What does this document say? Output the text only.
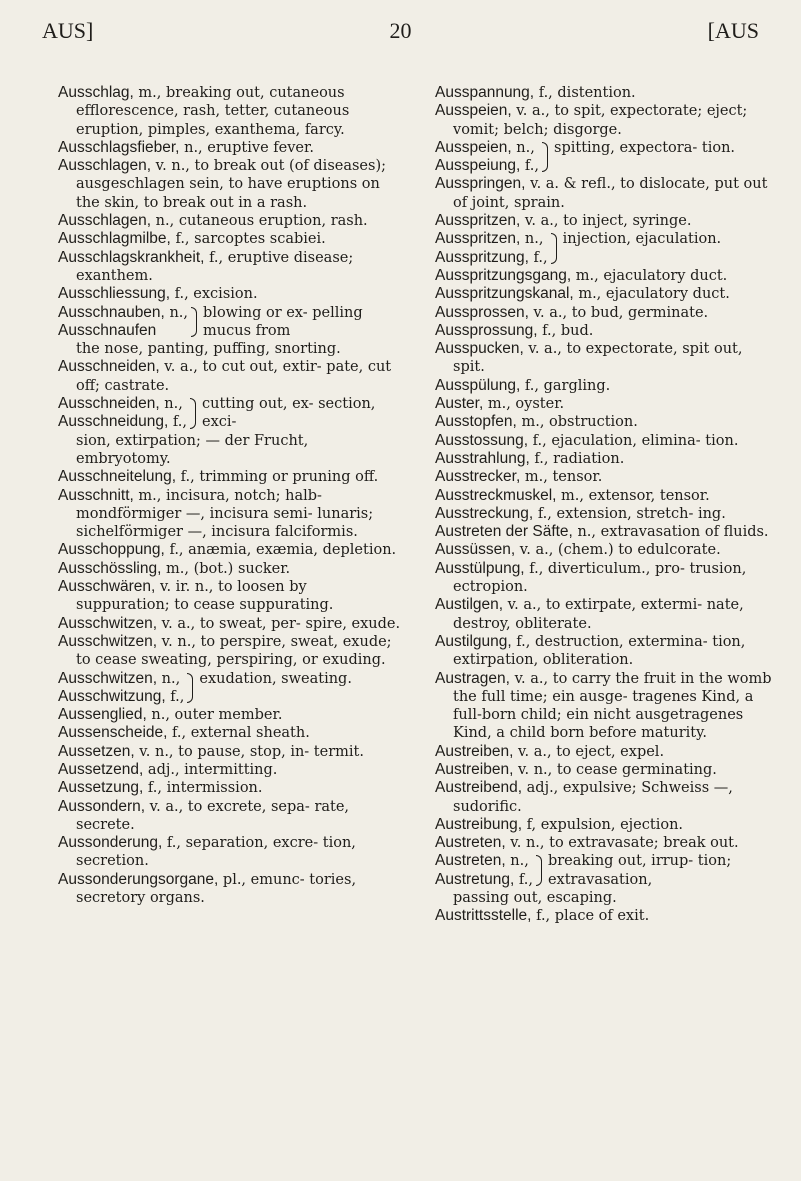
AUS]	20	[AUS

Ausschlag, m., breaking out, cutaneous efflorescence, rash, tetter, cutaneous eruption, pimples, exanthema, farcy.

Ausschlagsfieber, n., eruptive fever.

Ausschlagen, v. n., to break out (of diseases); ausgeschlagen sein, to have eruptions on the skin, to break out in a rash.

Ausschlagen, n., cutaneous eruption, rash.

Ausschlagmilbe, f., sarcoptes scabiei.

Ausschlagskrankheit, f., eruptive disease; exanthem.

Ausschliessung, f., excision.

Ausschnauben, n.,
Ausschnaufen
blowing or ex- pelling mucus from
the nose, panting, puffing, snorting.

Ausschneiden, v. a., to cut out, extir- pate, cut off; castrate.

Ausschneiden, n.,
Ausschneidung, f.,
cutting out, ex- section, exci-
sion, extirpation; — der Frucht, embryotomy.

Ausschneitelung, f., trimming or pruning off.

Ausschnitt, m., incisura, notch; halb- mondförmiger —, incisura semi- lunaris; sichelförmiger —, incisura falciformis.

Ausschoppung, f., anæmia, exæmia, depletion.

Ausschössling, m., (bot.) sucker.

Ausschwären, v. ir. n., to loosen by suppuration; to cease suppurating.

Ausschwitzen, v. a., to sweat, per- spire, exude.

Ausschwitzen, v. n., to perspire, sweat, exude; to cease sweating, perspiring, or exuding.

Ausschwitzen, n.,
Ausschwitzung, f.,
exudation, sweating.

Aussenglied, n., outer member.

Aussenscheide, f., external sheath.

Aussetzen, v. n., to pause, stop, in- termit.

Aussetzend, adj., intermitting.

Aussetzung, f., intermission.

Aussondern, v. a., to excrete, sepa- rate, secrete.

Aussonderung, f., separation, excre- tion, secretion.

Aussonderungsorgane, pl., emunc- tories, secretory organs.

Ausspannung, f., distention.

Ausspeien, v. a., to spit, expectorate; eject; vomit; belch; disgorge.

Ausspeien, n.,
Ausspeiung, f.,
spitting, expectora- tion.

Ausspringen, v. a. & refl., to dislocate, put out of joint, sprain.

Ausspritzen, v. a., to inject, syringe.

Ausspritzen, n.,
Ausspritzung, f.,
injection, ejaculation.

Ausspritzungsgang, m., ejaculatory duct.

Ausspritzungskanal, m., ejaculatory duct.

Aussprossen, v. a., to bud, germinate.

Aussprossung, f., bud.

Ausspucken, v. a., to expectorate, spit out, spit.

Ausspülung, f., gargling.

Auster, m., oyster.

Ausstopfen, m., obstruction.

Ausstossung, f., ejaculation, elimina- tion.

Ausstrahlung, f., radiation.

Ausstrecker, m., tensor.

Ausstreckmuskel, m., extensor, tensor.

Ausstreckung, f., extension, stretch- ing.

Austreten der Säfte, n., extravasation of fluids.

Aussüssen, v. a., (chem.) to edulcorate.

Ausstülpung, f., diverticulum., pro- trusion, ectropion.

Austilgen, v. a., to extirpate, extermi- nate, destroy, obliterate.

Austilgung, f., destruction, extermina- tion, extirpation, obliteration.

Austragen, v. a., to carry the fruit in the womb the full time; ein ausge- tragenes Kind, a full-born child; ein nicht ausgetragenes Kind, a child born before maturity.

Austreiben, v. a., to eject, expel.

Austreiben, v. n., to cease germinating.

Austreibend, adj., expulsive; Schweiss —, sudorific.

Austreibung, f, expulsion, ejection.

Austreten, v. n., to extravasate; break out.

Austreten, n.,
Austretung, f.,
breaking out, irrup- tion; extravasation,
passing out, escaping.

Austrittsstelle, f., place of exit.
